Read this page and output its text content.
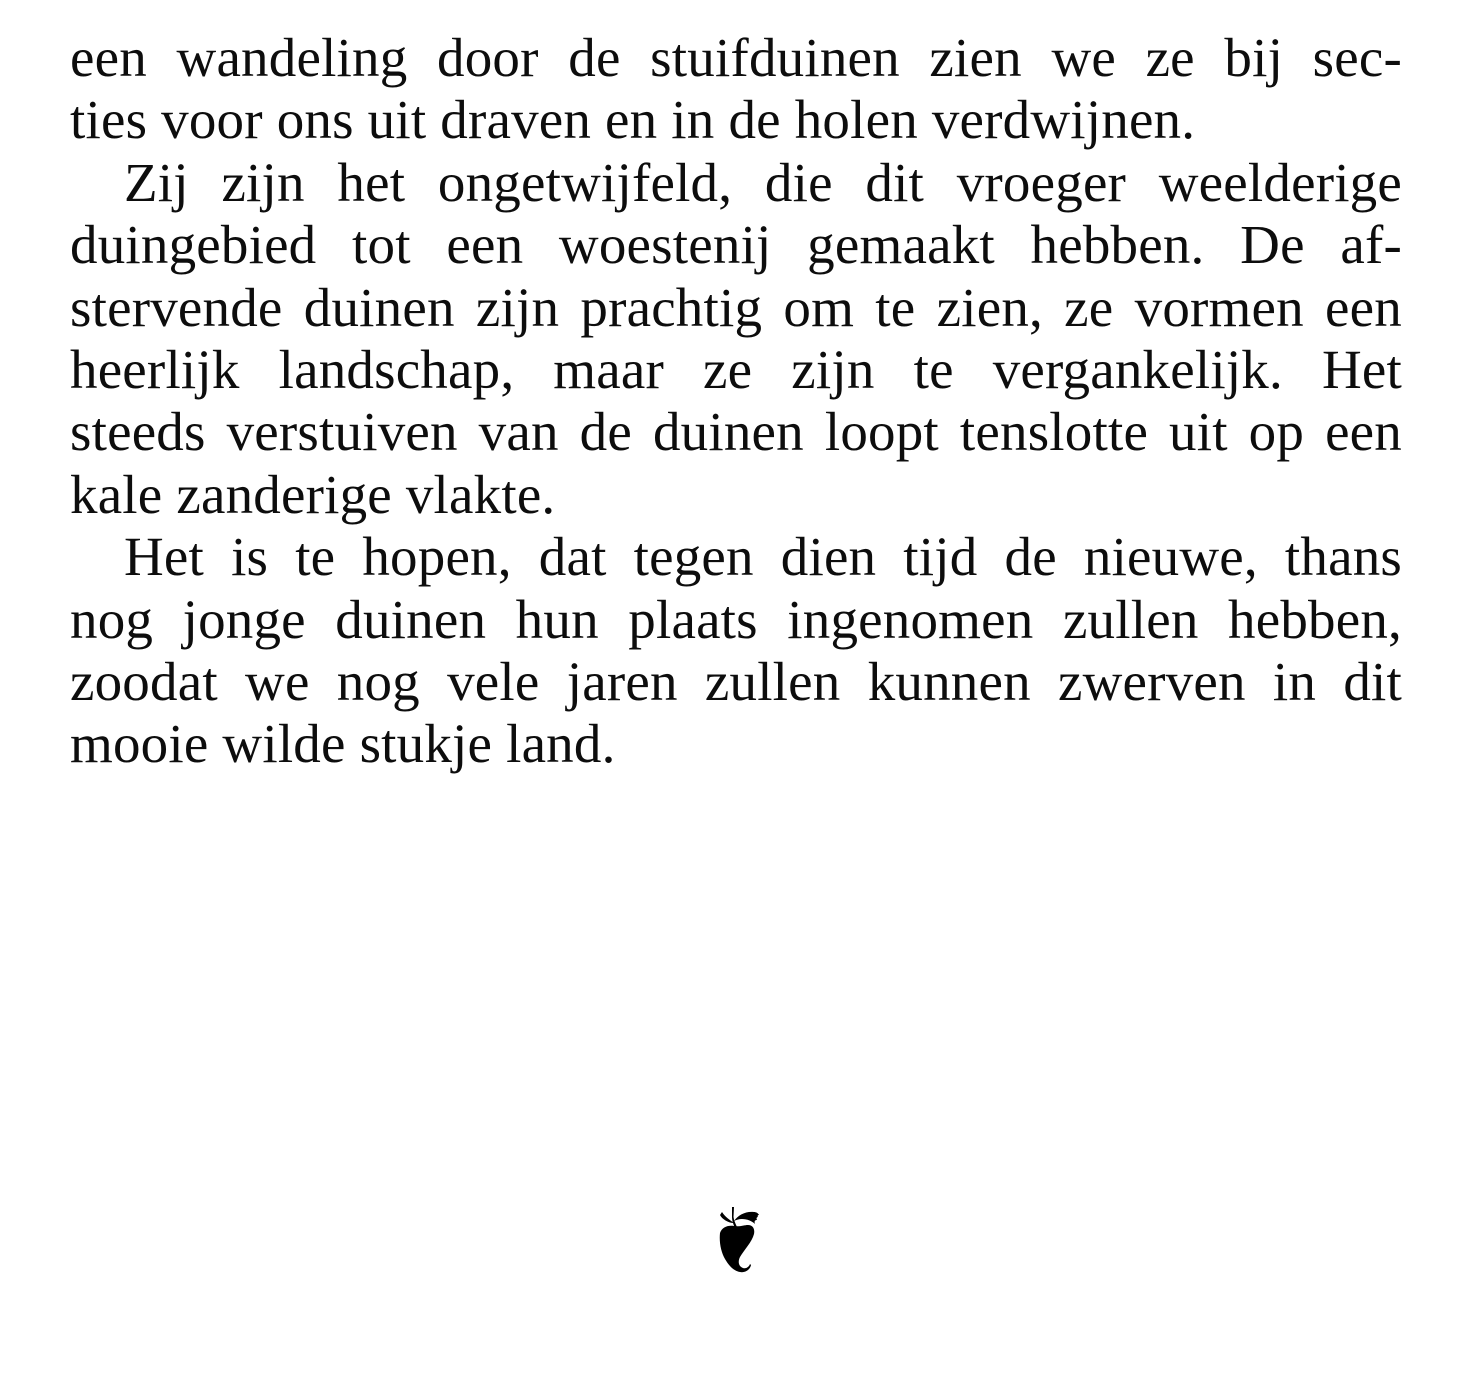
een wandeling door de stuifduinen zien we ze bij sec-
ties voor ons uit draven en in de holen verdwijnen.
Zij zijn het ongetwijfeld, die dit vroeger weelderige
duingebied tot een woestenij gemaakt hebben. De af-
stervende duinen zijn prachtig om te zien, ze vormen een
heerlijk landschap, maar ze zijn te vergankelijk. Het
steeds verstuiven van de duinen loopt tenslotte uit op een
kale zanderige vlakte.
Het is te hopen, dat tegen dien tijd de nieuwe, thans
nog jonge duinen hun plaats ingenomen zullen hebben,
zoodat we nog vele jaren zullen kunnen zwerven in dit
mooie wilde stukje land.
